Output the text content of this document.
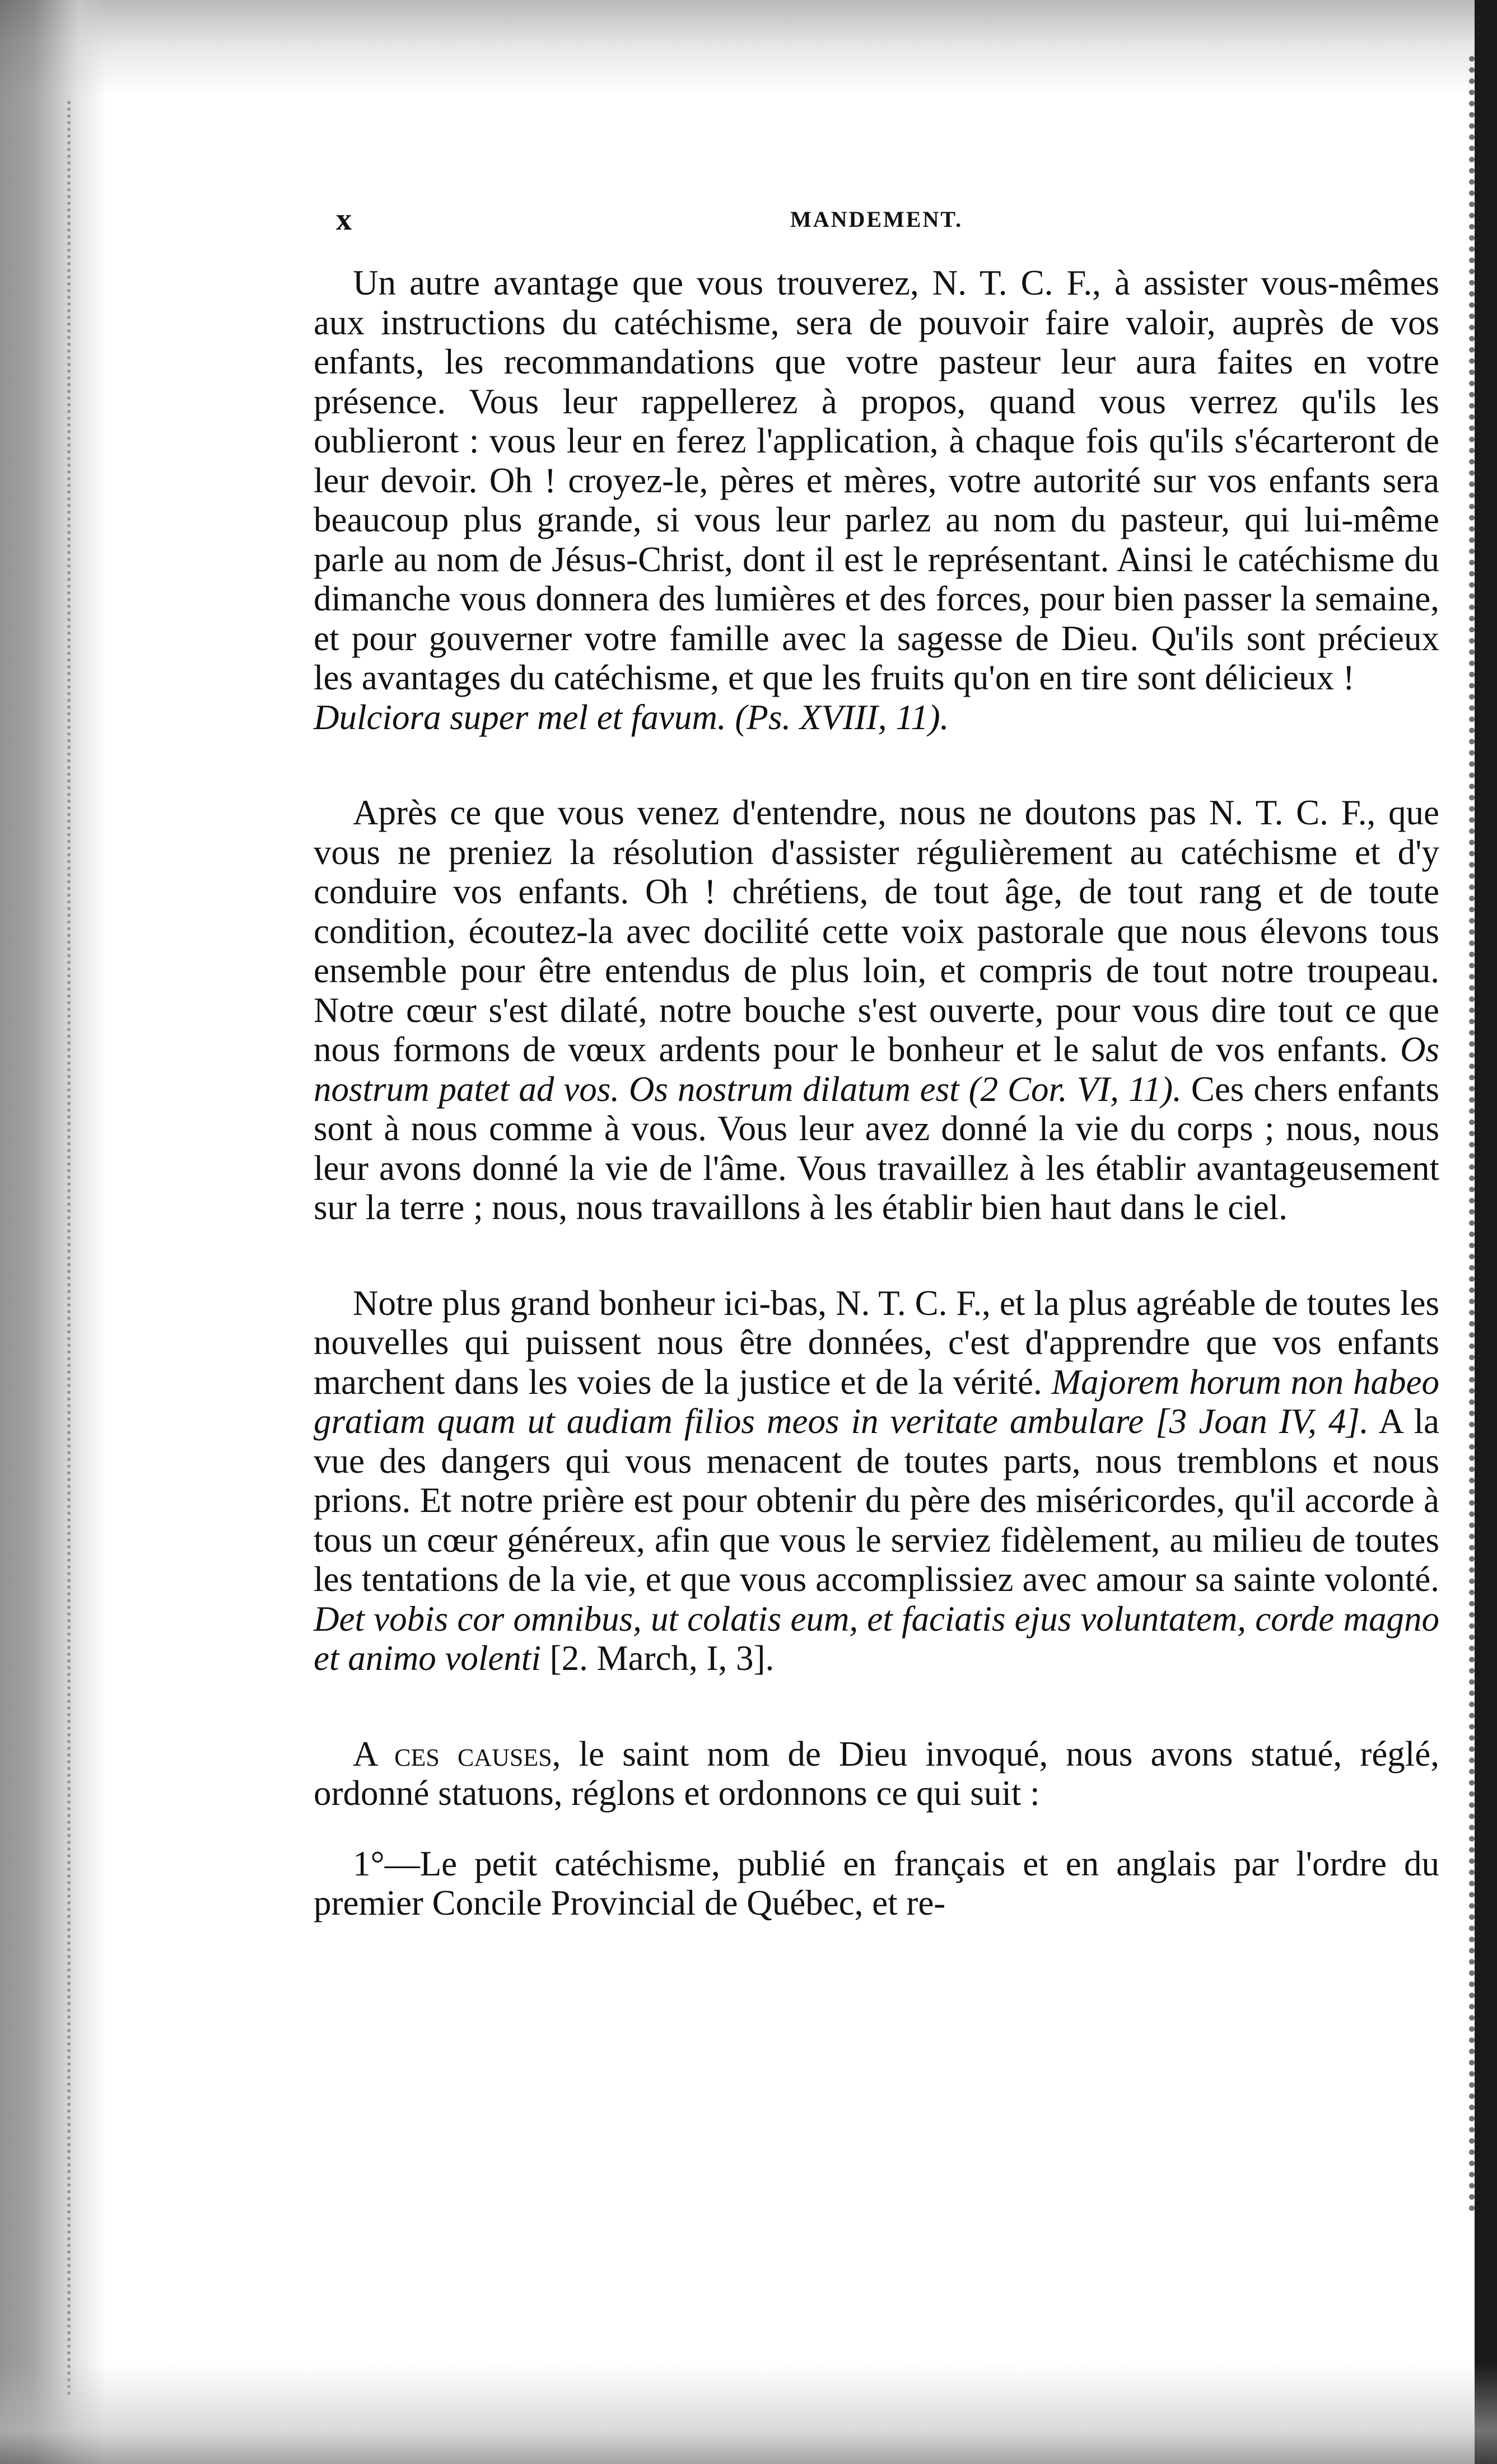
x	MANDEMENT.

Un autre avantage que vous trouverez, N. T. C. F., à assister vous-mêmes aux instructions du catéchisme, sera de pouvoir faire valoir, auprès de vos enfants, les recommandations que votre pasteur leur aura faites en votre présence. Vous leur rappellerez à propos, quand vous verrez qu'ils les oublieront : vous leur en ferez l'application, à chaque fois qu'ils s'écarteront de leur devoir. Oh ! croyez-le, pères et mères, votre autorité sur vos enfants sera beaucoup plus grande, si vous leur parlez au nom du pasteur, qui lui-même parle au nom de Jésus-Christ, dont il est le représentant. Ainsi le catéchisme du dimanche vous donnera des lumières et des forces, pour bien passer la semaine, et pour gouverner votre famille avec la sagesse de Dieu. Qu'ils sont précieux les avantages du catéchisme, et que les fruits qu'on en tire sont délicieux !
Dulciora super mel et favum. (Ps. XVIII, 11).

Après ce que vous venez d'entendre, nous ne doutons pas N. T. C. F., que vous ne preniez la résolution d'assister régulièrement au catéchisme et d'y conduire vos enfants. Oh ! chrétiens, de tout âge, de tout rang et de toute condition, écoutez-la avec docilité cette voix pastorale que nous élevons tous ensemble pour être entendus de plus loin, et compris de tout notre troupeau. Notre cœur s'est dilaté, notre bouche s'est ouverte, pour vous dire tout ce que nous formons de vœux ardents pour le bonheur et le salut de vos enfants. Os nostrum patet ad vos. Os nostrum dilatum est (2 Cor. VI, 11). Ces chers enfants sont à nous comme à vous. Vous leur avez donné la vie du corps ; nous, nous leur avons donné la vie de l'âme. Vous travaillez à les établir avantageusement sur la terre ; nous, nous travaillons à les établir bien haut dans le ciel.

Notre plus grand bonheur ici-bas, N. T. C. F., et la plus agréable de toutes les nouvelles qui puissent nous être données, c'est d'apprendre que vos enfants marchent dans les voies de la justice et de la vérité. Majorem horum non habeo gratiam quam ut audiam filios meos in veritate ambulare [3 Joan IV, 4]. A la vue des dangers qui vous menacent de toutes parts, nous tremblons et nous prions. Et notre prière est pour obtenir du père des miséricordes, qu'il accorde à tous un cœur généreux, afin que vous le serviez fidèlement, au milieu de toutes les tentations de la vie, et que vous accomplissiez avec amour sa sainte volonté. Det vobis cor omnibus, ut colatis eum, et faciatis ejus voluntatem, corde magno et animo volenti [2. March, I, 3].

A ces causes, le saint nom de Dieu invoqué, nous avons statué, réglé, ordonné statuons, réglons et ordonnons ce qui suit :

1°—Le petit catéchisme, publié en français et en anglais par l'ordre du premier Concile Provincial de Québec, et re-
